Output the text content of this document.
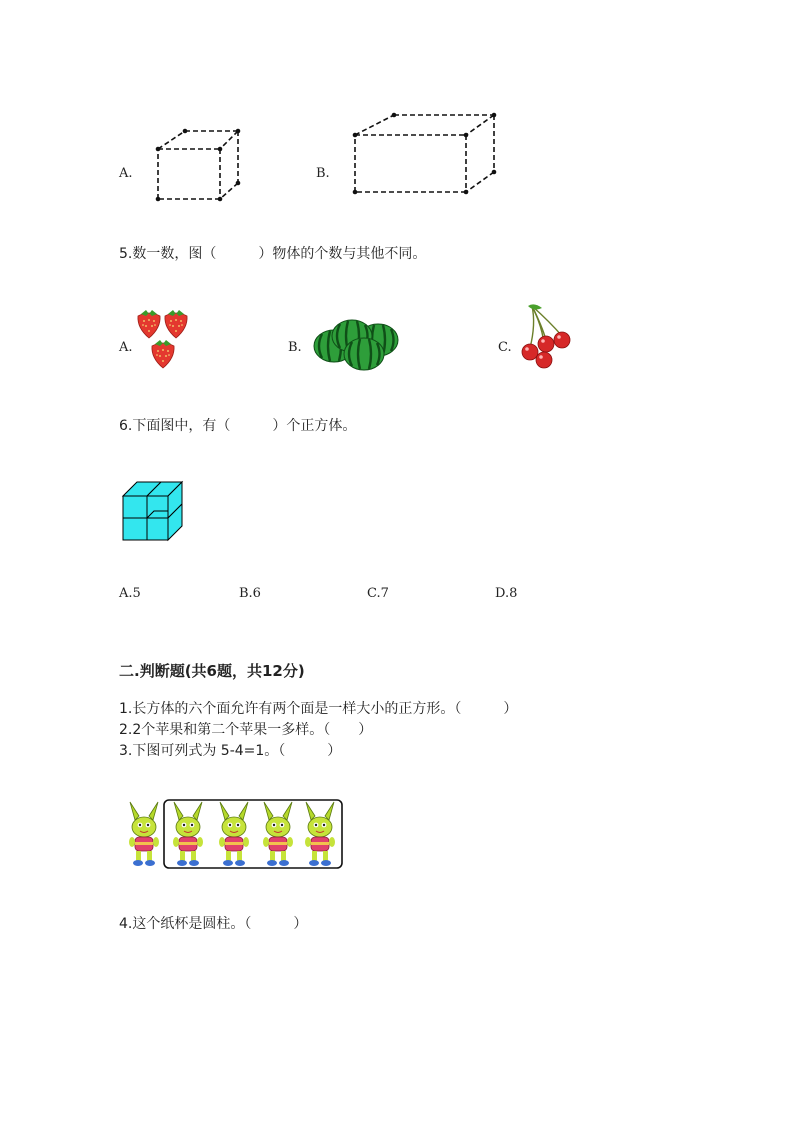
A.	B.
5.数一数，图（　　　）物体的个数与其他不同。
A.	B.	C.
6.下面图中，有（　　　）个正方体。
A.5	B.6	C.7	D.8
二.判断题(共6题，共12分)
1.长方体的六个面允许有两个面是一样大小的正方形。（　　　）
2.2个苹果和第二个苹果一多样。（　　）
3.下图可列式为 5-4=1。（　　　）
4.这个纸杯是圆柱。（　　　）
